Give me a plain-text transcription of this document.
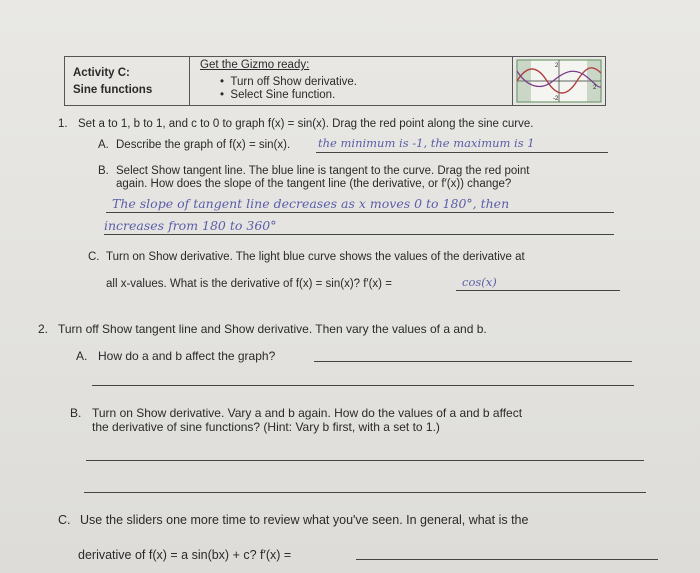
Activity C:
Sine functions
Get the Gizmo ready:
•  Turn off Show derivative.
•  Select Sine function.
2
2
-2
1. Set a to 1, b to 1, and c to 0 to graph f(x) = sin(x). Drag the red point along the sine curve.
A. Describe the graph of f(x) = sin(x). the minimum is -1, the maximum is 1
B. Select Show tangent line. The blue line is tangent to the curve. Drag the red point
again. How does the slope of the tangent line (the derivative, or f′(x)) change?
The slope of tangent line decreases as x moves 0 to 180°, then
increases from 180 to 360°
C. Turn on Show derivative. The light blue curve shows the values of the derivative at
all x-values. What is the derivative of f(x) = sin(x)? f′(x) =	cos(x)
2. Turn off Show tangent line and Show derivative. Then vary the values of a and b.
A. How do a and b affect the graph?
B. Turn on Show derivative. Vary a and b again. How do the values of a and b affect
the derivative of sine functions? (Hint: Vary b first, with a set to 1.)
C. Use the sliders one more time to review what you've seen. In general, what is the
derivative of f(x) = a sin(bx) + c? f′(x) =
